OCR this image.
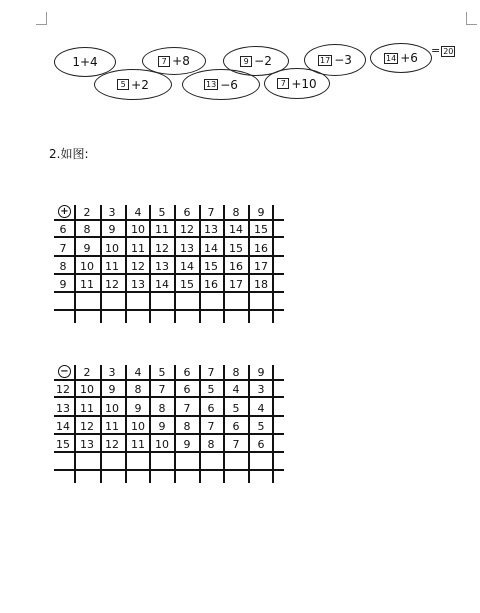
1+4
5 +2
7 +8
13 −6
9 −2
7 +10
17 −3	14 +6
= 20
2.如图:
+	2	3	4	5	6	7	8	9
6	8	9	10 11	12 13	14	15
7	9	10	11 12	13 14	15	16
8	10	11	12 13	14 15	16	17
9	11	12	13 14	15 16	17	18
−	2	3	4	5	6	7	8	9
12 10	9	8	7	6	5	4	3
13 11	10	9	8	7	6	5	4
14 12	11	10	9	8	7	6	5
15 13	12	11 10	9	8	7	6
